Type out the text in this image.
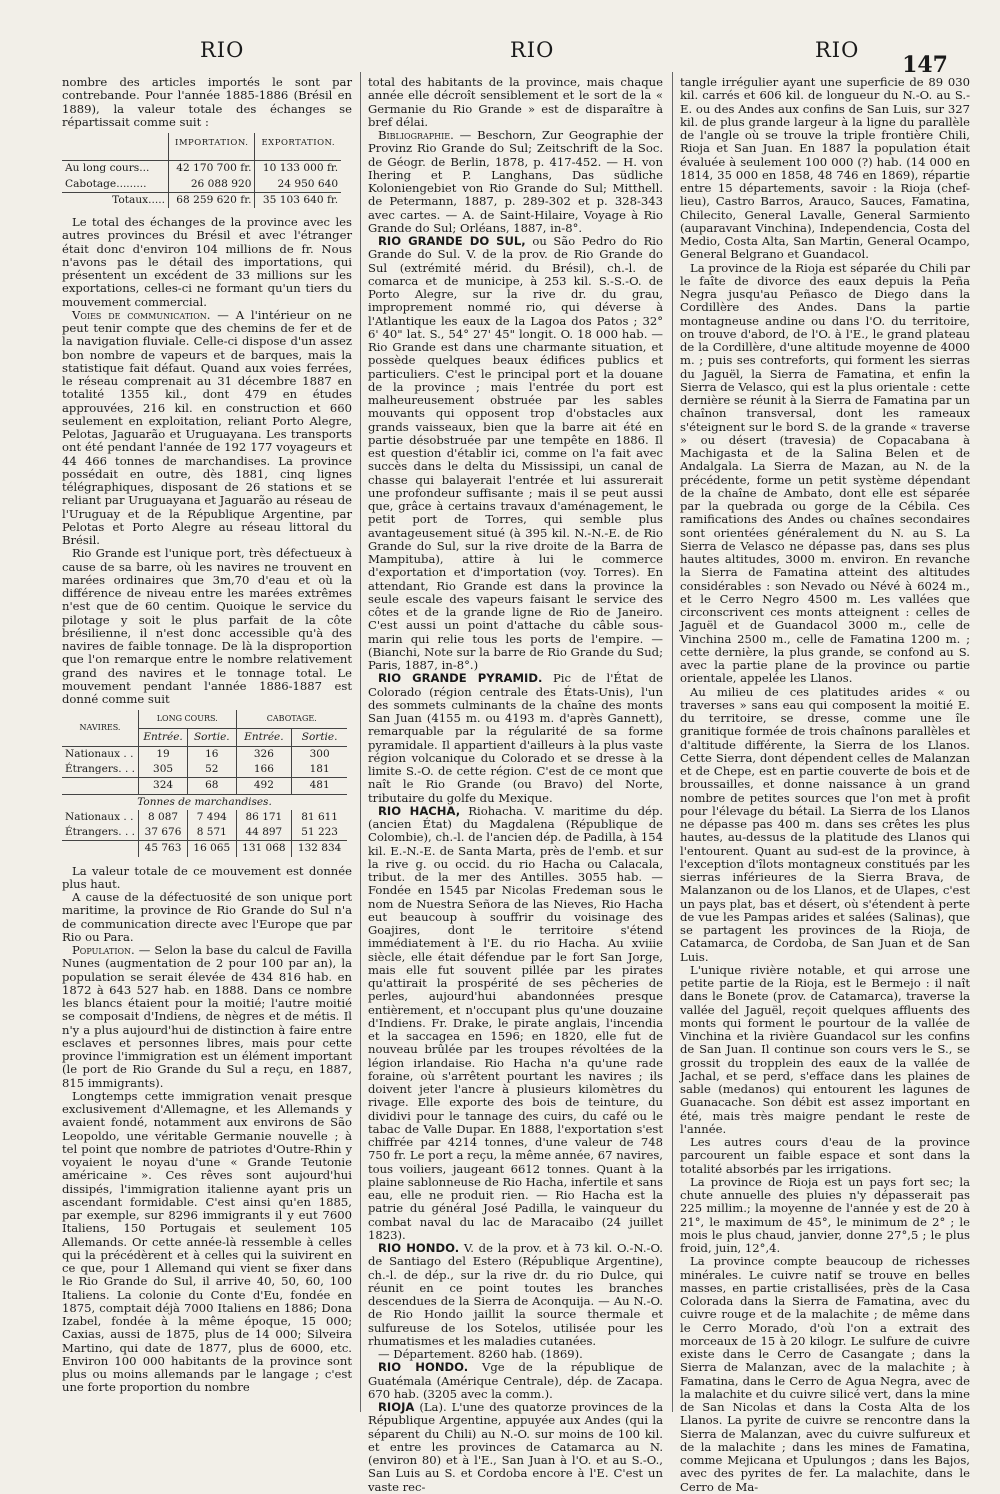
RIO	RIO	RIO
147

nombre des articles importés le sont par contrebande. Pour l'année 1885-1886 (Brésil en 1889), la valeur totale des échanges se répartissait comme suit :

	IMPORTATION.	EXPORTATION.
Au long cours...	42 170 700 fr.	10 133 000 fr.
Cabotage.........	26 088 920	24 950 640
Totaux.....	68 259 620 fr.	35 103 640 fr.

Le total des échanges de la province avec les autres provinces du Brésil et avec l'étranger était donc d'environ 104 millions de fr. Nous n'avons pas le détail des importations, qui présentent un excédent de 33 millions sur les exportations, celles-ci ne formant qu'un tiers du mouvement commercial.

Voies de communication. — A l'intérieur on ne peut tenir compte que des chemins de fer et de la navigation fluviale. Celle-ci dispose d'un assez bon nombre de vapeurs et de barques, mais la statistique fait défaut. Quand aux voies ferrées, le réseau comprenait au 31 décembre 1887 en totalité 1355 kil., dont 479 en études approuvées, 216 kil. en construction et 660 seulement en exploitation, reliant Porto Alegre, Pelotas, Jaguarão et Uruguayana. Les transports ont été pendant l'année de 192 177 voyageurs et 44 466 tonnes de marchandises. La province possédait en outre, dès 1881, cinq lignes télégraphiques, disposant de 26 stations et se reliant par Uruguayana et Jaguarão au réseau de l'Uruguay et de la République Argentine, par Pelotas et Porto Alegre au réseau littoral du Brésil.

Rio Grande est l'unique port, très défectueux à cause de sa barre, où les navires ne trouvent en marées ordinaires que 3m,70 d'eau et où la différence de niveau entre les marées extrêmes n'est que de 60 centim. Quoique le service du pilotage y soit le plus parfait de la côte brésilienne, il n'est donc accessible qu'à des navires de faible tonnage. De là la disproportion que l'on remarque entre le nombre relativement grand des navires et le tonnage total. Le mouvement pendant l'année 1886-1887 est donné comme suit

NAVIRES.	LONG COURS.		CABOTAGE.	
	Entrée.	Sortie.	Entrée.	Sortie.
Nationaux . .	19	16	326	300
Étrangers. . .	305	52	166	181
	324	68	492	481
Tonnes de marchandises.				
Nationaux . .	8 087	7 494	86 171	81 611
Étrangers. . .	37 676	8 571	44 897	51 223
	45 763	16 065	131 068	132 834

La valeur totale de ce mouvement est donnée plus haut.

A cause de la défectuosité de son unique port maritime, la province de Rio Grande do Sul n'a de communication directe avec l'Europe que par Rio ou Para.

Population. — Selon la base du calcul de Favilla Nunes (augmentation de 2 pour 100 par an), la population se serait élevée de 434 816 hab. en 1872 à 643 527 hab. en 1888. Dans ce nombre les blancs étaient pour la moitié; l'autre moitié se composait d'Indiens, de nègres et de métis. Il n'y a plus aujourd'hui de distinction à faire entre esclaves et personnes libres, mais pour cette province l'immigration est un élément important (le port de Rio Grande du Sul a reçu, en 1887, 815 immigrants).

Longtemps cette immigration venait presque exclusivement d'Allemagne, et les Allemands y avaient fondé, notamment aux environs de São Leopoldo, une véritable Germanie nouvelle ; à tel point que nombre de patriotes d'Outre-Rhin y voyaient le noyau d'une « Grande Teutonie américaine ». Ces rêves sont aujourd'hui dissipés, l'immigration italienne ayant pris un ascendant formidable. C'est ainsi qu'en 1885, par exemple, sur 8296 immigrants il y eut 7600 Italiens, 150 Portugais et seulement 105 Allemands. Or cette année-là ressemble à celles qui la précédèrent et à celles qui la suivirent en ce que, pour 1 Allemand qui vient se fixer dans le Rio Grande do Sul, il arrive 40, 50, 60, 100 Italiens. La colonie du Conte d'Eu, fondée en 1875, comptait déjà 7000 Italiens en 1886; Dona Izabel, fondée à la même époque, 15 000; Caxias, aussi de 1875, plus de 14 000; Silveira Martino, qui date de 1877, plus de 6000, etc. Environ 100 000 habitants de la province sont plus ou moins allemands par le langage ; c'est une forte proportion du nombre

total des habitants de la province, mais chaque année elle décroît sensiblement et le sort de la « Germanie du Rio Grande » est de disparaître à bref délai.

Bibliographie. — Beschorn, Zur Geographie der Provinz Rio Grande do Sul; Zeitschrift de la Soc. de Géogr. de Berlin, 1878, p. 417-452. — H. von Ihering et P. Langhans, Das südliche Koloniengebiet von Rio Grande do Sul; Mitthell. de Petermann, 1887, p. 289-302 et p. 328-343 avec cartes. — A. de Saint-Hilaire, Voyage à Rio Grande do Sul; Orléans, 1887, in-8°.

RIO GRANDE DO SUL, ou São Pedro do Rio Grande do Sul. V. de la prov. de Rio Grande do Sul (extrémité mérid. du Brésil), ch.-l. de comarca et de municipe, à 253 kil. S.-S.-O. de Porto Alegre, sur la rive dr. du grau, improprement nommé rio, qui déverse à l'Atlantique les eaux de la Lagoa dos Patos ; 32° 6' 40" lat. S., 54° 27' 45" longit. O. 18 000 hab. — Rio Grande est dans une charmante situation, et possède quelques beaux édifices publics et particuliers. C'est le principal port et la douane de la province ; mais l'entrée du port est malheureusement obstruée par les sables mouvants qui opposent trop d'obstacles aux grands vaisseaux, bien que la barre ait été en partie désobstruée par une tempête en 1886. Il est question d'établir ici, comme on l'a fait avec succès dans le delta du Mississipi, un canal de chasse qui balayerait l'entrée et lui assurerait une profondeur suffisante ; mais il se peut aussi que, grâce à certains travaux d'aménagement, le petit port de Torres, qui semble plus avantageusement situé (à 395 kil. N.-N.-E. de Rio Grande do Sul, sur la rive droite de la Barra de Mampituba), attire à lui le commerce d'exportation et d'importation (voy. Torres). En attendant, Rio Grande est dans la province la seule escale des vapeurs faisant le service des côtes et de la grande ligne de Rio de Janeiro. C'est aussi un point d'attache du câble sous-marin qui relie tous les ports de l'empire. — (Bianchi, Note sur la barre de Rio Grande du Sud; Paris, 1887, in-8°.)

RIO GRANDE PYRAMID. Pic de l'État de Colorado (région centrale des États-Unis), l'un des sommets culminants de la chaîne des monts San Juan (4155 m. ou 4193 m. d'après Gannett), remarquable par la régularité de sa forme pyramidale. Il appartient d'ailleurs à la plus vaste région volcanique du Colorado et se dresse à la limite S.-O. de cette région. C'est de ce mont que naît le Rio Grande (ou Bravo) del Norte, tributaire du golfe du Mexique.

RIO HACHA, Riohacha. V. maritime du dép. (ancien État) du Magdalena (République de Colombie), ch.-l. de l'ancien dép. de Padilla, à 154 kil. E.-N.-E. de Santa Marta, près de l'emb. et sur la rive g. ou occid. du rio Hacha ou Calacala, tribut. de la mer des Antilles. 3055 hab. — Fondée en 1545 par Nicolas Fredeman sous le nom de Nuestra Señora de las Nieves, Rio Hacha eut beaucoup à souffrir du voisinage des Goajires, dont le territoire s'étend immédiatement à l'E. du rio Hacha. Au xviiie siècle, elle était défendue par le fort San Jorge, mais elle fut souvent pillée par les pirates qu'attirait la prospérité de ses pêcheries de perles, aujourd'hui abandonnées presque entièrement, et n'occupant plus qu'une douzaine d'Indiens. Fr. Drake, le pirate anglais, l'incendia et la saccagea en 1596; en 1820, elle fut de nouveau brûlée par les troupes révoltées de la légion irlandaise. Rio Hacha n'a qu'une rade foraine, où s'arrêtent pourtant les navires ; ils doivent jeter l'ancre à plusieurs kilomètres du rivage. Elle exporte des bois de teinture, du dividivi pour le tannage des cuirs, du café ou le tabac de Valle Dupar. En 1888, l'exportation s'est chiffrée par 4214 tonnes, d'une valeur de 748 750 fr. Le port a reçu, la même année, 67 navires, tous voiliers, jaugeant 6612 tonnes. Quant à la plaine sablonneuse de Rio Hacha, infertile et sans eau, elle ne produit rien. — Rio Hacha est la patrie du général José Padilla, le vainqueur du combat naval du lac de Maracaibo (24 juillet 1823).

RIO HONDO. V. de la prov. et à 73 kil. O.-N.-O. de Santiago del Estero (République Argentine), ch.-l. de dép., sur la rive dr. du rio Dulce, qui réunit en ce point toutes les branches descendues de la Sierra de Aconquija. — Au N.-O. de Rio Hondo jaillit la source thermale et sulfureuse de los Sotelos, utilisée pour les rhumatismes et les maladies cutanées.

— Département. 8260 hab. (1869).

RIO HONDO. Vge de la république de Guatémala (Amérique Centrale), dép. de Zacapa. 670 hab. (3205 avec la comm.).

RIOJA (La). L'une des quatorze provinces de la République Argentine, appuyée aux Andes (qui la séparent du Chili) au N.-O. sur moins de 100 kil. et entre les provinces de Catamarca au N. (environ 80) et à l'E., San Juan à l'O. et au S.-O., San Luis au S. et Cordoba encore à l'E. C'est un vaste rec-

tangle irrégulier ayant une superficie de 89 030 kil. carrés et 606 kil. de longueur du N.-O. au S.-E. ou des Andes aux confins de San Luis, sur 327 kil. de plus grande largeur à la ligne du parallèle de l'angle où se trouve la triple frontière Chili, Rioja et San Juan. En 1887 la population était évaluée à seulement 100 000 (?) hab. (14 000 en 1814, 35 000 en 1858, 48 746 en 1869), répartie entre 15 départements, savoir : la Rioja (chef-lieu), Castro Barros, Arauco, Sauces, Famatina, Chilecito, General Lavalle, General Sarmiento (auparavant Vinchina), Independencia, Costa del Medio, Costa Alta, San Martin, General Ocampo, General Belgrano et Guandacol.

La province de la Rioja est séparée du Chili par le faîte de divorce des eaux depuis la Peña Negra jusqu'au Peñasco de Diego dans la Cordillère des Andes. Dans la partie montagneuse andine ou dans l'O. du territoire, on trouve d'abord, de l'O. à l'E., le grand plateau de la Cordillère, d'une altitude moyenne de 4000 m. ; puis ses contreforts, qui forment les sierras du Jaguël, la Sierra de Famatina, et enfin la Sierra de Velasco, qui est la plus orientale : cette dernière se réunit à la Sierra de Famatina par un chaînon transversal, dont les rameaux s'éteignent sur le bord S. de la grande « traverse » ou désert (travesia) de Copacabana à Machigasta et de la Salina Belen et de Andalgala. La Sierra de Mazan, au N. de la précédente, forme un petit système dépendant de la chaîne de Ambato, dont elle est séparée par la quebrada ou gorge de la Cébila. Ces ramifications des Andes ou chaînes secondaires sont orientées généralement du N. au S. La Sierra de Velasco ne dépasse pas, dans ses plus hautes altitudes, 3000 m. environ. En revanche la Sierra de Famatina atteint des altitudes considérables : son Nevado ou Névé à 6024 m., et le Cerro Negro 4500 m. Les vallées que circonscrivent ces monts atteignent : celles de Jaguël et de Guandacol 3000 m., celle de Vinchina 2500 m., celle de Famatina 1200 m. ; cette dernière, la plus grande, se confond au S. avec la partie plane de la province ou partie orientale, appelée les Llanos.

Au milieu de ces platitudes arides « ou traverses » sans eau qui composent la moitié E. du territoire, se dresse, comme une île granitique formée de trois chaînons parallèles et d'altitude différente, la Sierra de los Llanos. Cette Sierra, dont dépendent celles de Malanzan et de Chepe, est en partie couverte de bois et de broussailles, et donne naissance à un grand nombre de petites sources que l'on met à profit pour l'élevage du bétail. La Sierra de los Llanos ne dépasse pas 400 m. dans ses crêtes les plus hautes, au-dessus de la platitude des Llanos qui l'entourent. Quant au sud-est de la province, à l'exception d'îlots montagneux constitués par les sierras inférieures de la Sierra Brava, de Malanzanon ou de los Llanos, et de Ulapes, c'est un pays plat, bas et désert, où s'étendent à perte de vue les Pampas arides et salées (Salinas), que se partagent les provinces de la Rioja, de Catamarca, de Cordoba, de San Juan et de San Luis.

L'unique rivière notable, et qui arrose une petite partie de la Rioja, est le Bermejo : il naît dans le Bonete (prov. de Catamarca), traverse la vallée del Jaguël, reçoit quelques affluents des monts qui forment le pourtour de la vallée de Vinchina et la rivière Guandacol sur les confins de San Juan. Il continue son cours vers le S., se grossit du tropplein des eaux de la vallée de Jachal, et se perd, s'efface dans les plaines de sable (medanos) qui entourent les lagunes de Guanacache. Son débit est assez important en été, mais très maigre pendant le reste de l'année.

Les autres cours d'eau de la province parcourent un faible espace et sont dans la totalité absorbés par les irrigations.

La province de Rioja est un pays fort sec; la chute annuelle des pluies n'y dépasserait pas 225 millim.; la moyenne de l'année y est de 20 à 21°, le maximum de 45°, le minimum de 2° ; le mois le plus chaud, janvier, donne 27°,5 ; le plus froid, juin, 12°,4.

La province compte beaucoup de richesses minérales. Le cuivre natif se trouve en belles masses, en partie cristallisées, près de la Casa Colorada dans la Sierra de Famatina, avec du cuivre rouge et de la malachite ; de même dans le Cerro Morado, d'où l'on a extrait des morceaux de 15 à 20 kilogr. Le sulfure de cuivre existe dans le Cerro de Casangate ; dans la Sierra de Malanzan, avec de la malachite ; à Famatina, dans le Cerro de Agua Negra, avec de la malachite et du cuivre silicé vert, dans la mine de San Nicolas et dans la Costa Alta de los Llanos. La pyrite de cuivre se rencontre dans la Sierra de Malanzan, avec du cuivre sulfureux et de la malachite ; dans les mines de Famatina, comme Mejicana et Upulungos ; dans les Bajos, avec des pyrites de fer. La malachite, dans le Cerro de Ma-
